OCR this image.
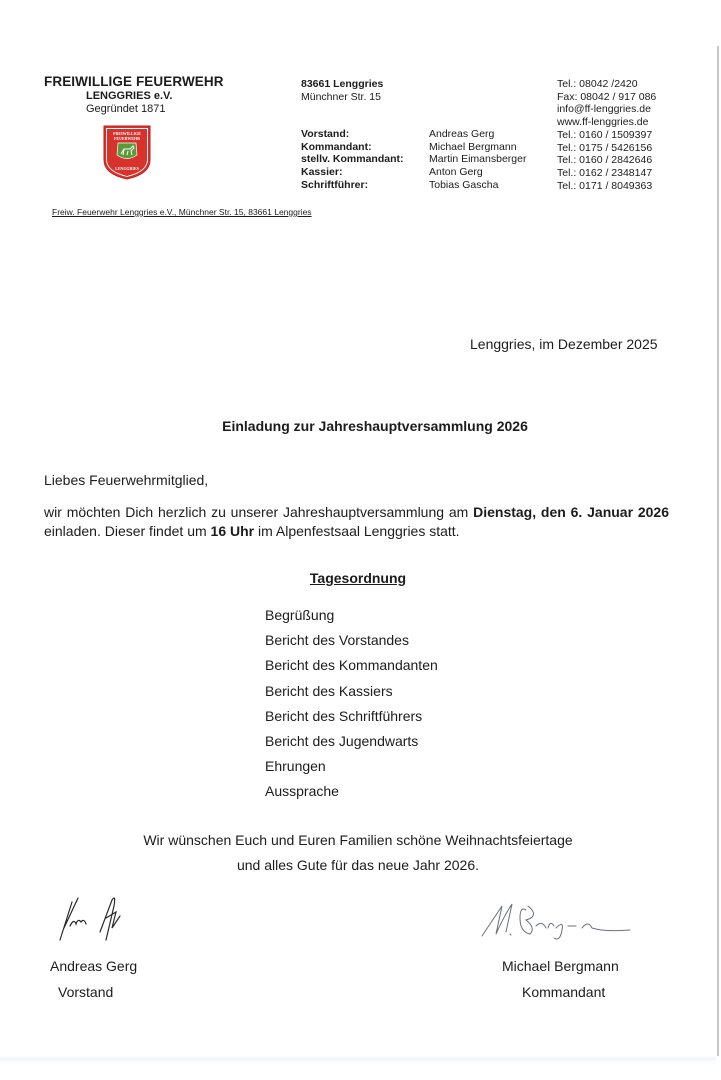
FREIWILLIGE FEUERWEHR
LENGGRIES e.V.
Gegründet 1871
FREIWILLIGE
FEUERWEHR
LENGGRIES
83661 Lenggries
Münchner Str. 15
Vorstand:
Kommandant:
stellv. Kommandant:
Kassier:
Schriftführer:
Andreas Gerg
Michael Bergmann
Martin Eimansberger
Anton Gerg
Tobias Gascha
Tel.: 08042 /2420
Fax: 08042 / 917 086
info@ff-lenggries.de
www.ff-lenggries.de
Tel.: 0160 / 1509397
Tel.: 0175 / 5426156
Tel.: 0160 / 2842646
Tel.: 0162 / 2348147
Tel.: 0171 / 8049363
Freiw. Feuerwehr Lenggries e.V., Münchner Str. 15, 83661 Lenggries
Lenggries, im Dezember 2025
Einladung zur Jahreshauptversammlung 2026
Liebes Feuerwehrmitglied,
wir möchten Dich herzlich zu unserer Jahreshauptversammlung am Dienstag, den 6. Januar 2026 einladen. Dieser findet um 16 Uhr im Alpenfestsaal Lenggries statt.
Tagesordnung
Begrüßung
Bericht des Vorstandes
Bericht des Kommandanten
Bericht des Kassiers
Bericht des Schriftführers
Bericht des Jugendwarts
Ehrungen
Aussprache
Wir wünschen Euch und Euren Familien schöne Weihnachtsfeiertage
und alles Gute für das neue Jahr 2026.
Andreas Gerg
Vorstand
Michael Bergmann
Kommandant
